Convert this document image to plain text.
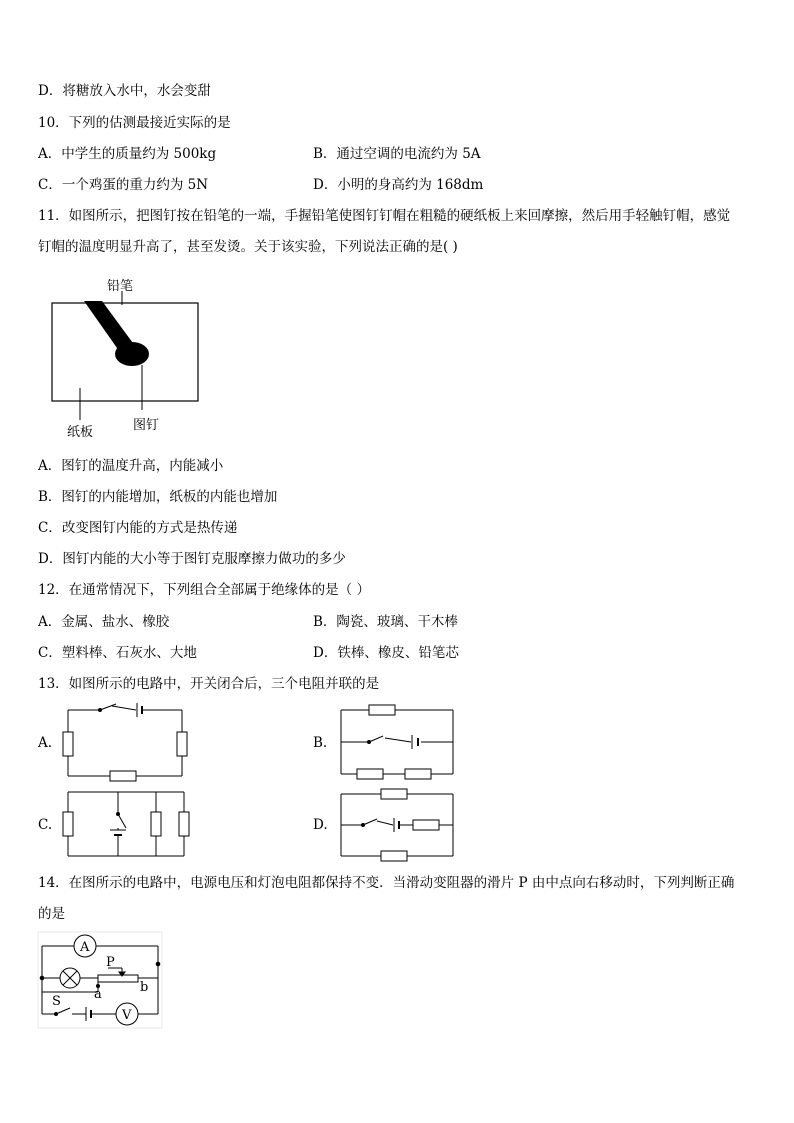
D．将糖放入水中，水会变甜
10．下列的估测最接近实际的是
A．中学生的质量约为 500kg	B．通过空调的电流约为 5A
C．一个鸡蛋的重力约为 5N	D．小明的身高约为 168dm
11．如图所示，把图钉按在铅笔的一端，手握铅笔使图钉钉帽在粗糙的硬纸板上来回摩擦，然后用手轻触钉帽，感觉
钉帽的温度明显升高了，甚至发烫。关于该实验，下列说法正确的是( )
铅笔
纸板	图钉
A．图钉的温度升高，内能减小
B．图钉的内能增加，纸板的内能也增加
C．改变图钉内能的方式是热传递
D．图钉内能的大小等于图钉克服摩擦力做功的多少
12．在通常情况下，下列组合全部属于绝缘体的是（ ）
A．金属、盐水、橡胶	B．陶瓷、玻璃、干木棒
C．塑料棒、石灰水、大地	D．铁棒、橡皮、铅笔芯
13．如图所示的电路中，开关闭合后，三个电阻并联的是
A.	B.
C.	D.
14．在图所示的电路中，电源电压和灯泡电阻都保持不变．当滑动变阻器的滑片 P 由中点向右移动时，下列判断正确
的是
A
V
P
a	b
S
